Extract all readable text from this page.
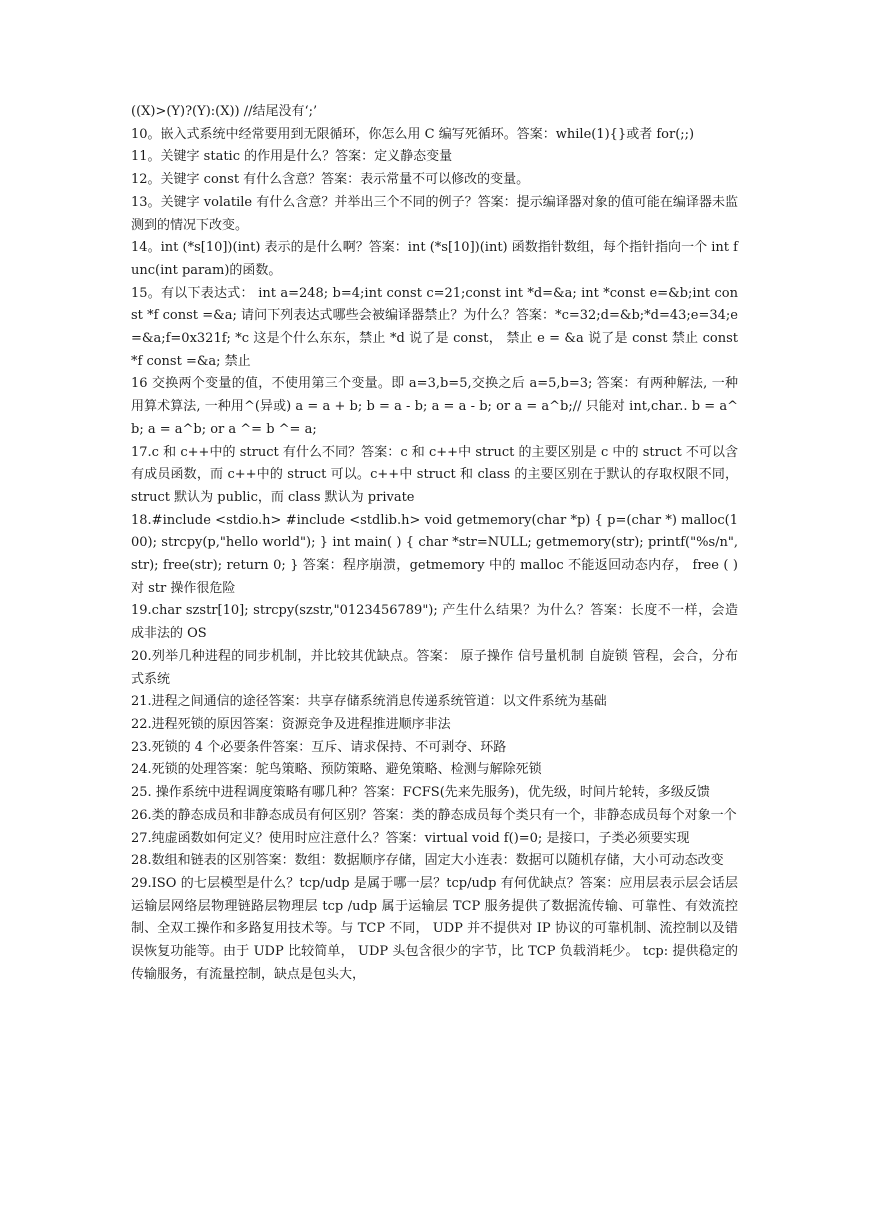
((X)>(Y)?(Y):(X)) //结尾没有‘;’

10。嵌入式系统中经常要用到无限循环，你怎么用 C 编写死循环。答案：while(1){}或者 for(;;)

11。关键字 static 的作用是什么？答案：定义静态变量

12。关键字 const 有什么含意？答案：表示常量不可以修改的变量。

13。关键字 volatile 有什么含意？并举出三个不同的例子？答案：提示编译器对象的值可能在编译器未监测到的情况下改变。

14。int (*s[10])(int) 表示的是什么啊？答案：int (*s[10])(int) 函数指针数组，每个指针指向一个 int func(int param)的函数。

15。有以下表达式： int a=248; b=4;int const c=21;const int *d=&a; int *const e=&b;int const *f const =&a; 请问下列表达式哪些会被编译器禁止？为什么？答案：*c=32;d=&b;*d=43;e=34;e=&a;f=0x321f; *c 这是个什么东东，禁止 *d 说了是 const， 禁止 e = &a 说了是 const 禁止 const *f const =&a; 禁止

16 交换两个变量的值，不使用第三个变量。即 a=3,b=5,交换之后 a=5,b=3; 答案：有两种解法, 一种用算术算法, 一种用^(异或) a = a + b; b = a - b; a = a - b; or a = a^b;// 只能对 int,char.. b = a^b; a = a^b; or a ^= b ^= a;

17.c 和 c++中的 struct 有什么不同？答案：c 和 c++中 struct 的主要区别是 c 中的 struct 不可以含有成员函数，而 c++中的 struct 可以。c++中 struct 和 class 的主要区别在于默认的存取权限不同，struct 默认为 public，而 class 默认为 private

18.#include <stdio.h> #include <stdlib.h> void getmemory(char *p) { p=(char *) malloc(100); strcpy(p,"hello world"); } int main( ) { char *str=NULL; getmemory(str); printf("%s/n",str); free(str); return 0; } 答案：程序崩溃，getmemory 中的 malloc 不能返回动态内存， free ( ) 对 str 操作很危险

19.char szstr[10]; strcpy(szstr,"0123456789"); 产生什么结果？为什么？答案：长度不一样，会造成非法的 OS

20.列举几种进程的同步机制，并比较其优缺点。答案： 原子操作 信号量机制 自旋锁 管程，会合，分布式系统

21.进程之间通信的途径答案：共享存储系统消息传递系统管道：以文件系统为基础

22.进程死锁的原因答案：资源竞争及进程推进顺序非法

23.死锁的 4 个必要条件答案：互斥、请求保持、不可剥夺、环路

24.死锁的处理答案：鸵鸟策略、预防策略、避免策略、检测与解除死锁

25. 操作系统中进程调度策略有哪几种？答案：FCFS(先来先服务)，优先级，时间片轮转，多级反馈

26.类的静态成员和非静态成员有何区别？答案：类的静态成员每个类只有一个，非静态成员每个对象一个

27.纯虚函数如何定义？使用时应注意什么？答案：virtual void f()=0; 是接口，子类必须要实现

28.数组和链表的区别答案：数组：数据顺序存储，固定大小连表：数据可以随机存储，大小可动态改变

29.ISO 的七层模型是什么？tcp/udp 是属于哪一层？tcp/udp 有何优缺点？答案：应用层表示层会话层运输层网络层物理链路层物理层 tcp /udp 属于运输层 TCP 服务提供了数据流传输、可靠性、有效流控制、全双工操作和多路复用技术等。与 TCP 不同， UDP 并不提供对 IP 协议的可靠机制、流控制以及错误恢复功能等。由于 UDP 比较简单， UDP 头包含很少的字节，比 TCP 负载消耗少。 tcp: 提供稳定的传输服务，有流量控制，缺点是包头大，
